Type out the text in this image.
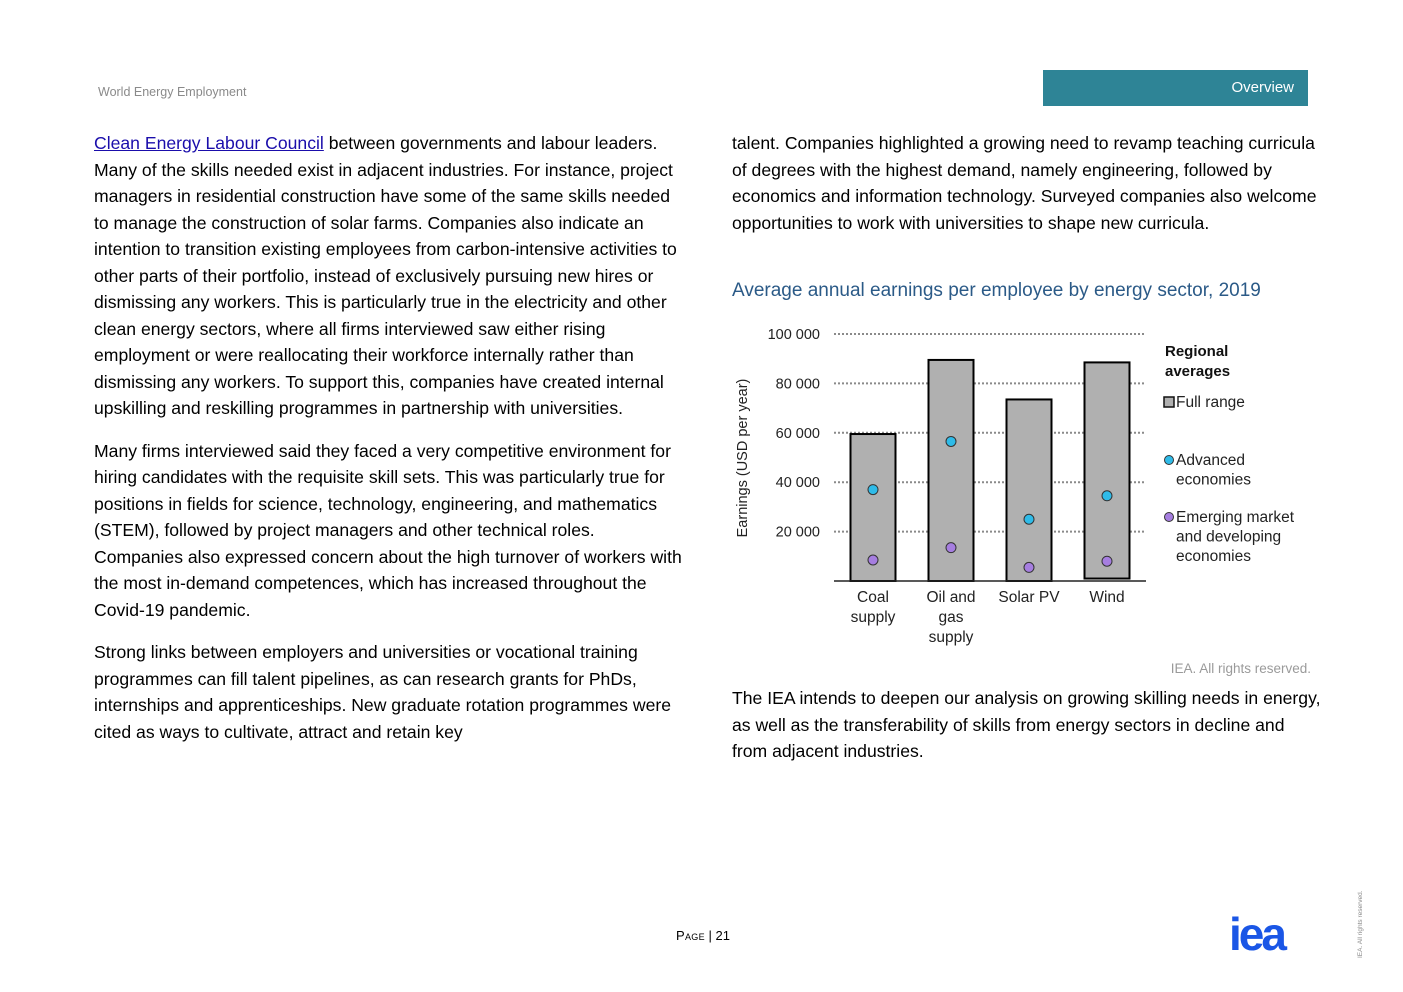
World Energy Employment	Overview

Clean Energy Labour Council between governments and labour leaders. Many of the skills needed exist in adjacent industries. For instance, project managers in residential construction have some of the same skills needed to manage the construction of solar farms. Companies also indicate an intention to transition existing employees from carbon-intensive activities to other parts of their portfolio, instead of exclusively pursuing new hires or dismissing any workers. This is particularly true in the electricity and other clean energy sectors, where all firms interviewed saw either rising employment or were reallocating their workforce internally rather than dismissing any workers. To support this, companies have created internal upskilling and reskilling programmes in partnership with universities.

Many firms interviewed said they faced a very competitive environment for hiring candidates with the requisite skill sets. This was particularly true for positions in fields for science, technology, engineering, and mathematics (STEM), followed by project managers and other technical roles. Companies also expressed concern about the high turnover of workers with the most in-demand competences, which has increased throughout the Covid-19 pandemic.

Strong links between employers and universities or vocational training programmes can fill talent pipelines, as can research grants for PhDs, internships and apprenticeships. New graduate rotation programmes were cited as ways to cultivate, attract and retain key

talent. Companies highlighted a growing need to revamp teaching curricula of degrees with the highest demand, namely engineering, followed by economics and information technology. Surveyed companies also welcome opportunities to work with universities to shape new curricula.

Average annual earnings per employee by energy sector, 2019
20 000
40 000
60 000
80 000
100 000
Earnings (USD per year)
Coal
supply
Oil and
gas
supply
Solar PV Wind
Regional
averages
Full range
Advanced
economies
Emerging market
and developing
economies
IEA. All rights reserved.
The IEA intends to deepen our analysis on growing skilling needs in energy, as well as the transferability of skills from energy sectors in decline and from adjacent industries.
Page | 21	iea	IEA. All rights reserved.
